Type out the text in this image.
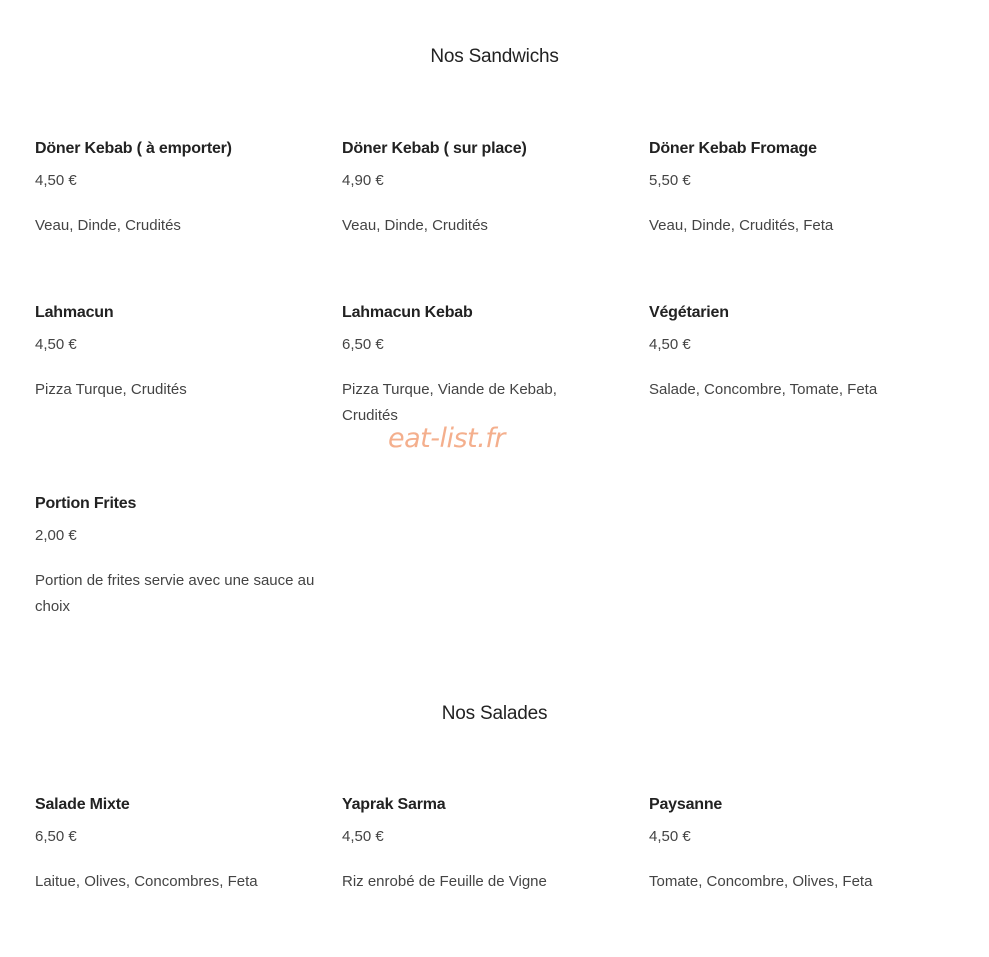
Nos Sandwichs

Döner Kebab ( à emporter)

4,50 €

Veau, Dinde, Crudités

Döner Kebab ( sur place)

4,90 €

Veau, Dinde, Crudités

Döner Kebab Fromage

5,50 €

Veau, Dinde, Crudités, Feta

Lahmacun

4,50 €

Pizza Turque, Crudités

Lahmacun Kebab

6,50 €

Pizza Turque, Viande de Kebab, Crudités

Végétarien

4,50 €

Salade, Concombre, Tomate, Feta

Portion Frites

2,00 €

Portion de frites servie avec une sauce au choix

eat-list.fr
Nos Salades

Salade Mixte

6,50 €

Laitue, Olives, Concombres, Feta

Yaprak Sarma

4,50 €

Riz enrobé de Feuille de Vigne

Paysanne

4,50 €

Tomate, Concombre, Olives, Feta
